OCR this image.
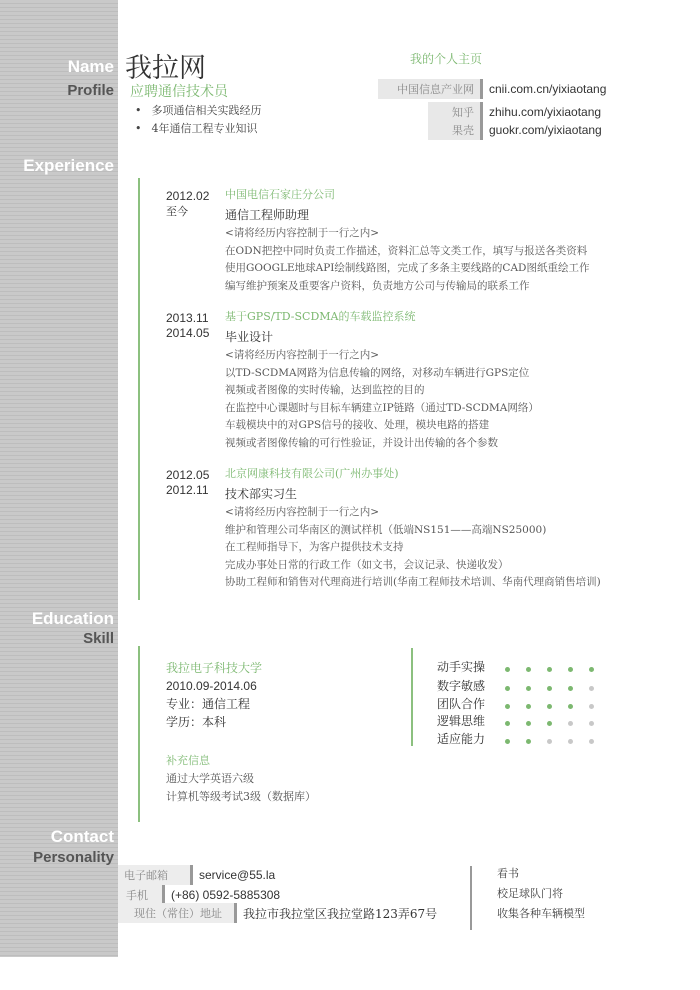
Name
Profile
Experience
Education
Skill
Contact
Personality
我拉网
应聘通信技术员
• 多项通信相关实践经历
• 4年通信工程专业知识
我的个人主页
中国信息产业网	cnii.com.cn/yixiaotang
知乎	zhihu.com/yixiaotang
果壳	guokr.com/yixiaotang
2012.02
至今
中国电信石家庄分公司
通信工程师助理
<请将经历内容控制于一行之内>
在ODN把控中同时负责工作描述，资料汇总等文类工作，填写与报送各类资料
使用GOOGLE地球API绘制线路图，完成了多条主要线路的CAD图纸重绘工作
编写维护预案及重要客户资料，负责地方公司与传输局的联系工作
2013.11
2014.05
基于GPS/TD-SCDMA的车载监控系统
毕业设计
<请将经历内容控制于一行之内>
以TD-SCDMA网路为信息传输的网络，对移动车辆进行GPS定位
视频或者图像的实时传输，达到监控的目的
在监控中心课题时与目标车辆建立IP链路（通过TD-SCDMA网络）
车载模块中的对GPS信号的接收、处理，模块电路的搭建
视频或者图像传输的可行性验证，并设计出传输的各个参数
2012.05
2012.11
北京网康科技有限公司(广州办事处)
技术部实习生
<请将经历内容控制于一行之内>
维护和管理公司华南区的测试样机（低端NS151——高端NS25000)
在工程师指导下，为客户提供技术支持
完成办事处日常的行政工作（如文书，会议记录、快递收发）
协助工程师和销售对代理商进行培训(华南工程师技术培训、华南代理商销售培训)
我拉电子科技大学
2010.09-2014.06
专业：通信工程
学历：本科
补充信息
通过大学英语六级
计算机等级考试3级（数据库）
动手实操
数字敏感
团队合作
逻辑思维
适应能力
电子邮箱	service@55.la
手机	(+86) 0592-5885308
现住（常住）地址	我拉市我拉堂区我拉堂路123弄67号
看书
校足球队门将
收集各种车辆模型
